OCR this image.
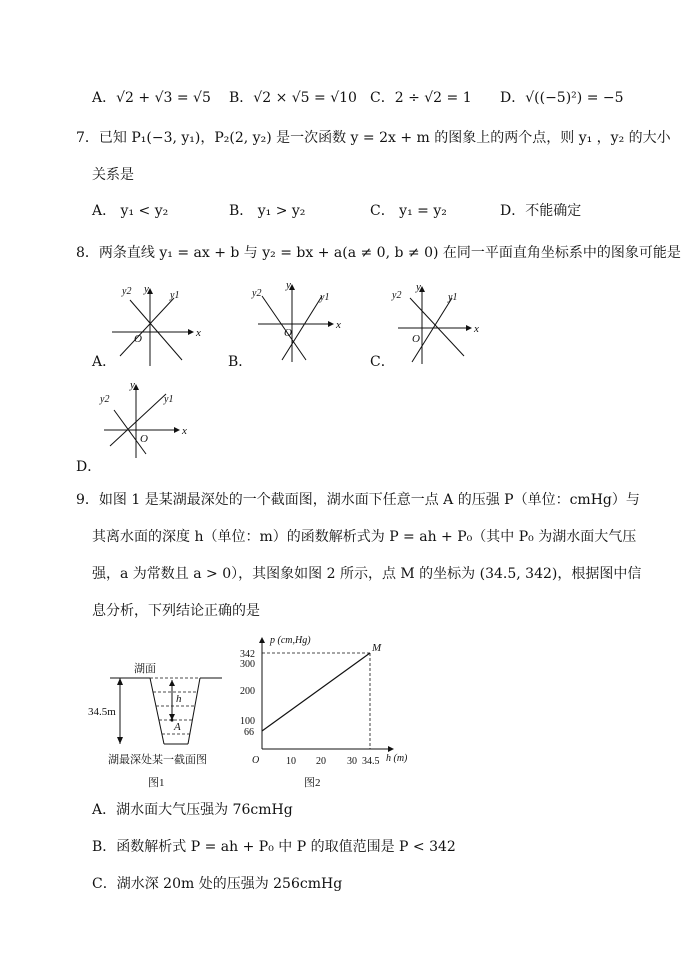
A．√2 + √3 = √5 B．√2 × √5 = √10 C．2 ÷ √2 = 1 D．√((−5)²) = −5
7．已知 P₁(−3, y₁)，P₂(2, y₂) 是一次函数 y = 2x + m 的图象上的两个点，则 y₁ ，y₂ 的大小
关系是
A． y₁ < y₂	B． y₁ > y₂	C． y₁ = y₂	D．不能确定
8．两条直线 y₁ = ax + b 与 y₂ = bx + a(a ≠ 0, b ≠ 0) 在同一平面直角坐标系中的图象可能是
x
y
y2	y1
O
A．
x
y
y2	y1
O
B．
x
y
y2	y1
O
C．
x
y
y2	y1
O
D．
9．如图 1 是某湖最深处的一个截面图，湖水面下任意一点 A 的压强 P（单位：cmHg）与
其离水面的深度 h（单位：m）的函数解析式为 P = ah + P₀（其中 P₀ 为湖水面大气压
强，a 为常数且 a > 0），其图象如图 2 所示，点 M 的坐标为 (34.5, 342)，根据图中信
息分析，下列结论正确的是
湖面
34.5m
h
A
湖最深处某一截面图
图1
p (cm,Hg)
h (m)
M
342
300
200
100
66
O	10 20 30 34.5
图2
A．湖水面大气压强为 76cmHg
B．函数解析式 P = ah + P₀ 中 P 的取值范围是 P < 342
C．湖水深 20m 处的压强为 256cmHg
